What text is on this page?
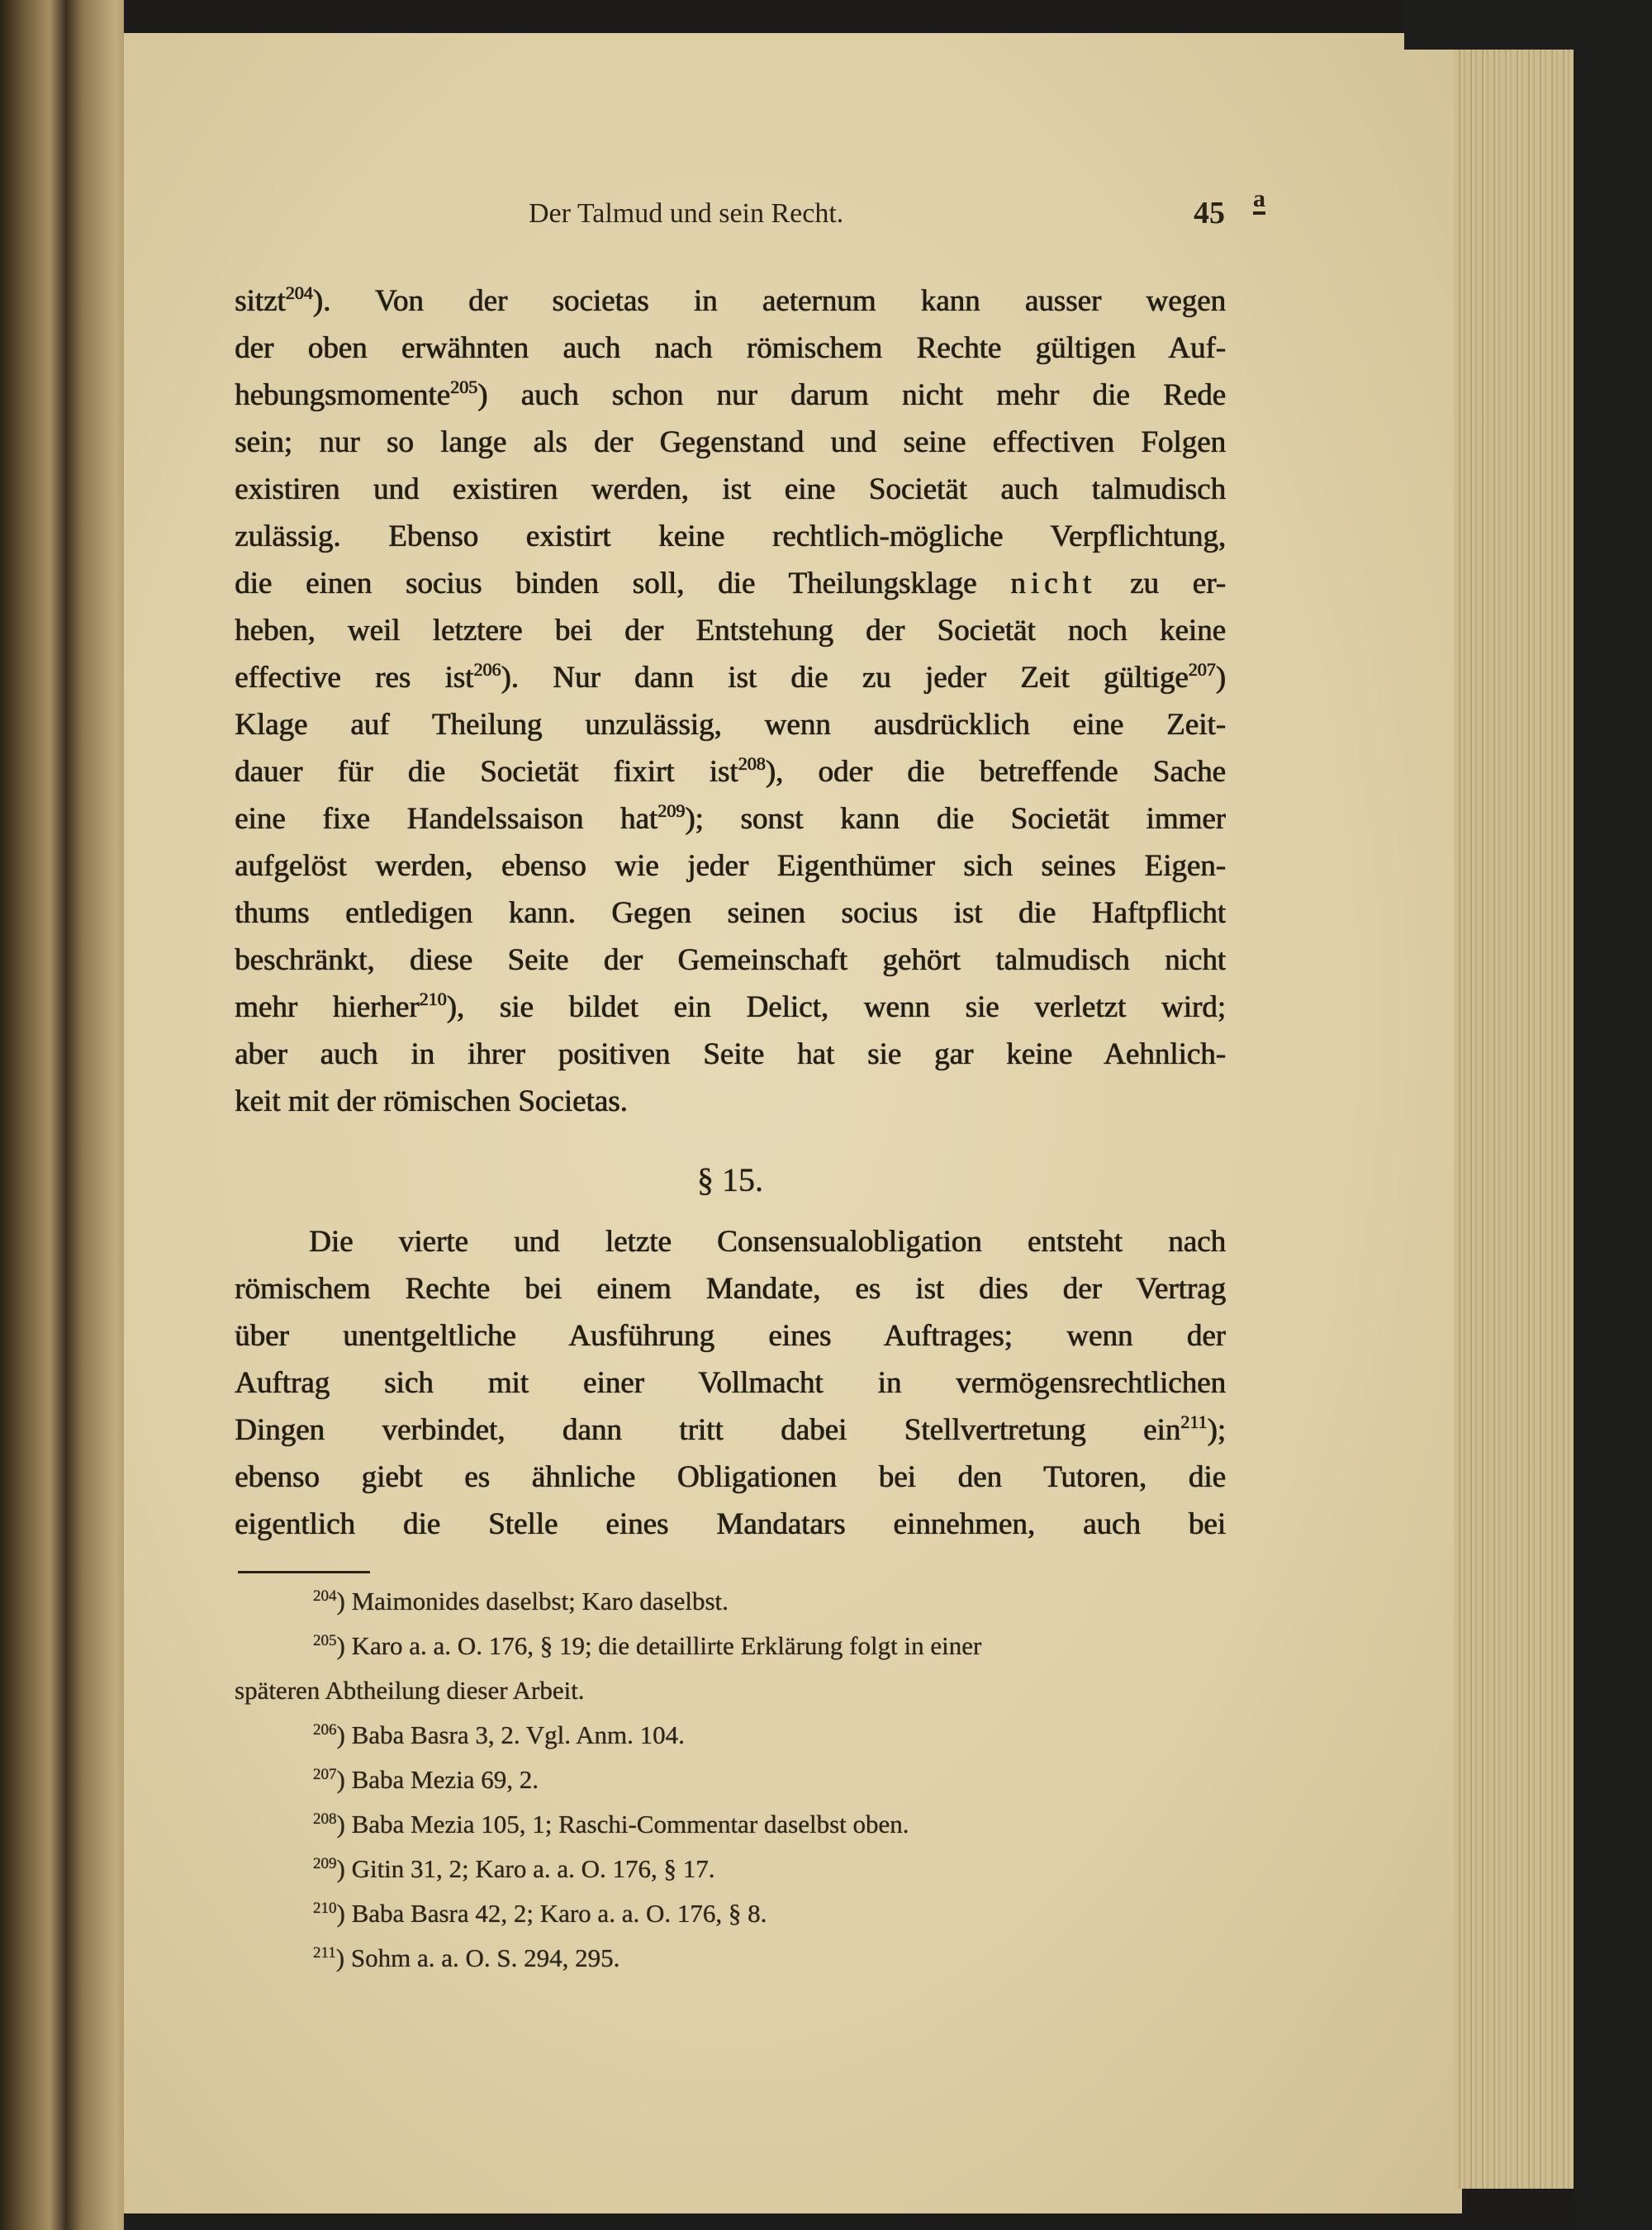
Der Talmud und sein Recht.	45 a
sitzt$^{204}$). Von der societas in aeternum kann ausser wegen
der oben erwähnten auch nach römischem Rechte gültigen Auf-
hebungsmomente$^{205}$) auch schon nur darum nicht mehr die Rede
sein; nur so lange als der Gegenstand und seine effectiven Folgen
existiren und existiren werden, ist eine Societät auch talmudisch
zulässig. Ebenso existirt keine rechtlich-mögliche Verpflichtung,
die einen socius binden soll, die Theilungsklage nicht zu er-
heben, weil letztere bei der Entstehung der Societät noch keine
effective res ist$^{206}$). Nur dann ist die zu jeder Zeit gültige$^{207}$)
Klage auf Theilung unzulässig, wenn ausdrücklich eine Zeit-
dauer für die Societät fixirt ist$^{208}$), oder die betreffende Sache
eine fixe Handelssaison hat$^{209}$); sonst kann die Societät immer
aufgelöst werden, ebenso wie jeder Eigenthümer sich seines Eigen-
thums entledigen kann. Gegen seinen socius ist die Haftpflicht
beschränkt, diese Seite der Gemeinschaft gehört talmudisch nicht
mehr hierher$^{210}$), sie bildet ein Delict, wenn sie verletzt wird;
aber auch in ihrer positiven Seite hat sie gar keine Aehnlich-
keit mit der römischen Societas.
§ 15.
Die vierte und letzte Consensualobligation entsteht nach
römischem Rechte bei einem Mandate, es ist dies der Vertrag
über unentgeltliche Ausführung eines Auftrages; wenn der
Auftrag sich mit einer Vollmacht in vermögensrechtlichen
Dingen verbindet, dann tritt dabei Stellvertretung ein$^{211}$);
ebenso giebt es ähnliche Obligationen bei den Tutoren, die
eigentlich die Stelle eines Mandatars einnehmen, auch bei
$^{204}$) Maimonides daselbst; Karo daselbst.
$^{205}$) Karo a. a. O. 176, § 19; die detaillirte Erklärung folgt in einer
späteren Abtheilung dieser Arbeit.
$^{206}$) Baba Basra 3, 2. Vgl. Anm. 104.
$^{207}$) Baba Mezia 69, 2.
$^{208}$) Baba Mezia 105, 1; Raschi-Commentar daselbst oben.
$^{209}$) Gitin 31, 2; Karo a. a. O. 176, § 17.
$^{210}$) Baba Basra 42, 2; Karo a. a. O. 176, § 8.
$^{211}$) Sohm a. a. O. S. 294, 295.
